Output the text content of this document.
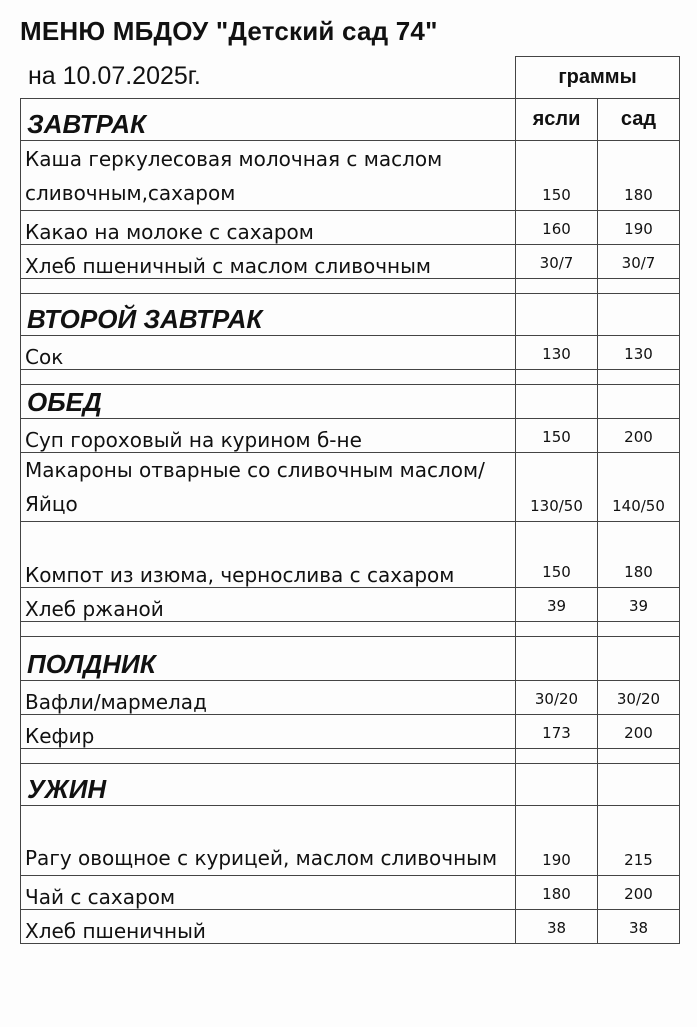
МЕНЮ МБДОУ "Детский сад 74"
	граммы	
ЗАВТРАК	ясли	сад
Каша геркулесовая молочная с маслом сливочным,сахаром	150	180
Какао на молоке с сахаром	160	190
Хлеб пшеничный с маслом сливочным	30/7	30/7

ВТОРОЙ ЗАВТРАК		
Сок	130	130

ОБЕД		
Суп гороховый на курином б-не	150	200
Макароны отварные со сливочным маслом/Яйцо	130/50	140/50
Компот из изюма, чернослива с сахаром	150	180
Хлеб ржаной	39	39

ПОЛДНИК		
Вафли/мармелад	30/20	30/20
Кефир	173	200

УЖИН		
Рагу овощное с курицей, маслом сливочным	190	215
Чай с сахаром	180	200
Хлеб пшеничный	38	38
на 10.07.2025г.
